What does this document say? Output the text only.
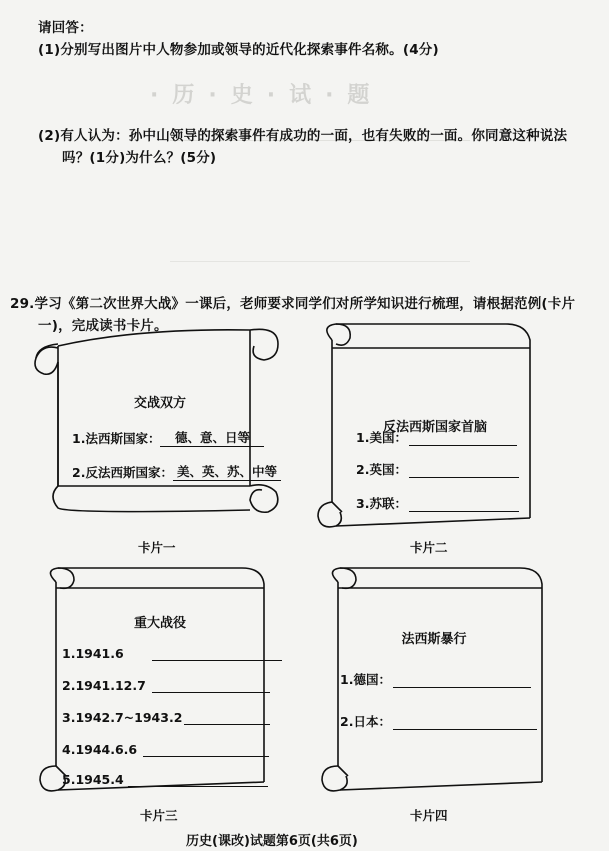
·历·史·试·题
请回答：
(1)分别写出图片中人物参加或领导的近代化探索事件名称。(4分)
(2)有人认为：孙中山领导的探索事件有成功的一面，也有失败的一面。你同意这种说法
吗？(1分)为什么？(5分)
29.学习《第二次世界大战》一课后，老师要求同学们对所学知识进行梳理，请根据范例(卡片
一)，完成读书卡片。
交战双方
1.法西斯国家：	德、意、日等
2.反法西斯国家： 美、英、苏、中等
卡片一
反法西斯国家首脑
1.美国：
2.英国：
3.苏联：
卡片二
重大战役
1.1941.6
2.1941.12.7
3.1942.7~1943.2
4.1944.6.6
5.1945.4
卡片三
法西斯暴行
1.德国：
2.日本：
卡片四
历史(课改)试题第6页(共6页)
